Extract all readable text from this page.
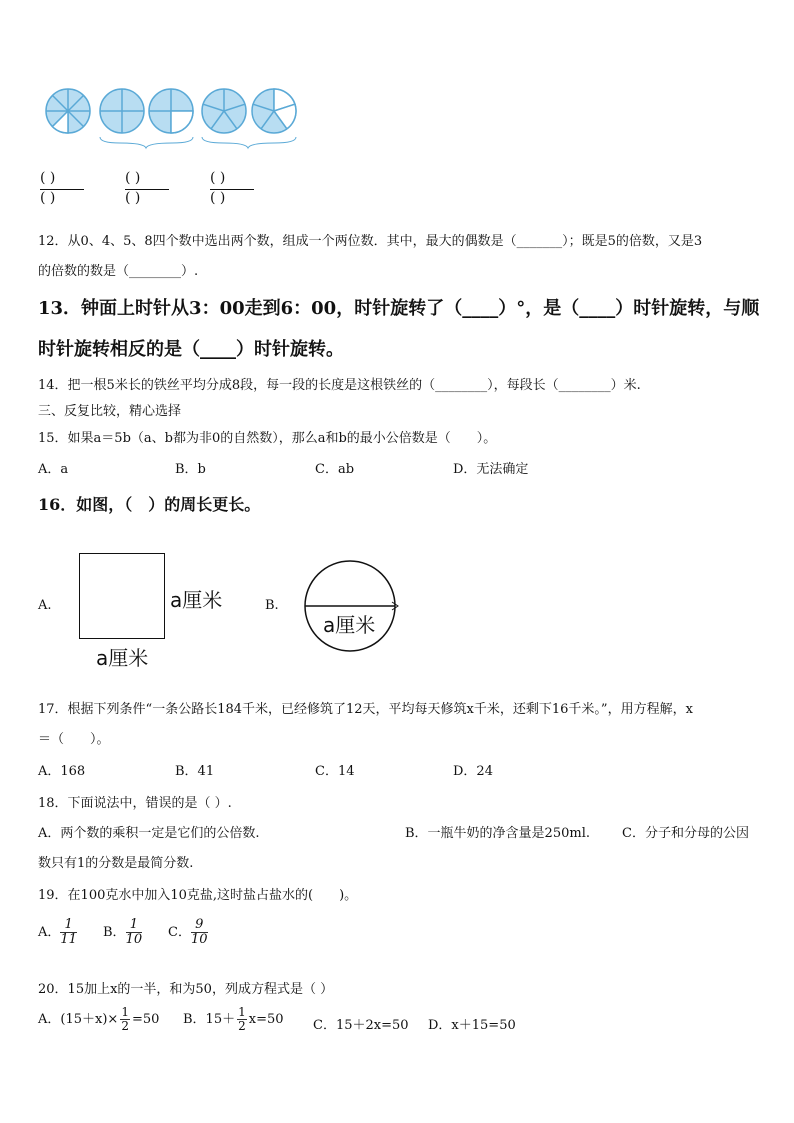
( )
( )
( )
( )
( )
( )
12．从0、4、5、8四个数中选出两个数，组成一个两位数．其中，最大的偶数是（_______）；既是5的倍数，又是3
的倍数的数是（________）.
13．钟面上时针从3：00走到6：00，时针旋转了（____）°，是（____）时针旋转，与顺
时针旋转相反的是（____）时针旋转。
14．把一根5米长的铁丝平均分成8段，每一段的长度是这根铁丝的（________），每段长（________）米.
三、反复比较，精心选择
15．如果a＝5b（a、b都为非0的自然数），那么a和b的最小公倍数是（　　）。
A．a	B．b	C．ab	D．无法确定
16．如图，（　）的周长更长。
A.	a厘米
a厘米
B.
a厘米
17．根据下列条件“一条公路长184千米，已经修筑了12天，平均每天修筑x千米，还剩下16千米。”，用方程解，x
＝（　　）。
A．168	B．41	C．14	D．24
18．下面说法中，错误的是（ ）.
A．两个数的乘积一定是它们的公倍数.	B．一瓶牛奶的净含量是250ml. C．分子和分母的公因
数只有1的分数是最简分数.
19．在100克水中加入10克盐,这时盐占盐水的(　　)。
A． $\frac{1}{11}$ B． $\frac{1}{10}$ C． $\frac{9}{10}$
20．15加上x的一半，和为50，列成方程式是（ ）
A．$(15+x)\times \frac{1}{2} =50$ B．$15+ \frac{1}{2} x=50$ C．15＋2x=50 D．x＋15=50
